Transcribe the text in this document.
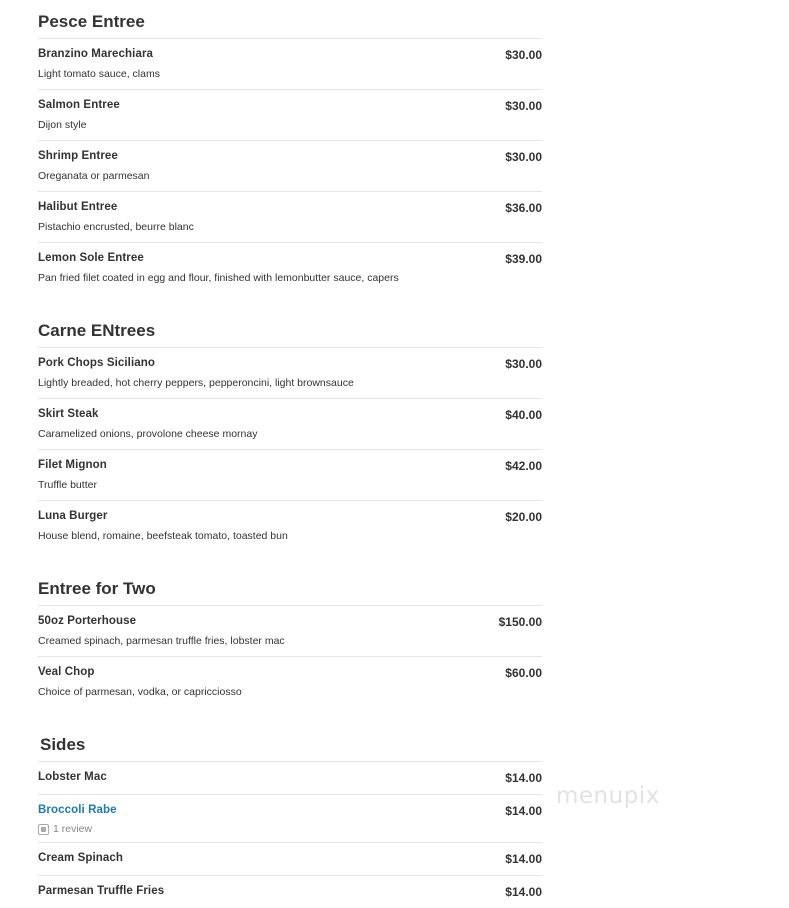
Pesce Entree
Branzino Marechiara	$30.00
Light tomato sauce, clams
Salmon Entree	$30.00
Dijon style
Shrimp Entree	$30.00
Oreganata or parmesan
Halibut Entree	$36.00
Pistachio encrusted, beurre blanc
Lemon Sole Entree	$39.00
Pan fried filet coated in egg and flour, finished with lemonbutter sauce, capers
Carne ENtrees
Pork Chops Siciliano	$30.00
Lightly breaded, hot cherry peppers, pepperoncini, light brownsauce
Skirt Steak	$40.00
Caramelized onions, provolone cheese mornay
Filet Mignon	$42.00
Truffle butter
Luna Burger	$20.00
House blend, romaine, beefsteak tomato, toasted bun
Entree for Two
50oz Porterhouse	$150.00
Creamed spinach, parmesan truffle fries, lobster mac
Veal Chop	$60.00
Choice of parmesan, vodka, or capricciosso
Sides
Lobster Mac	$14.00
Broccoli Rabe	$14.00
1 review
Cream Spinach	$14.00
Parmesan Truffle Fries	$14.00
menupix
